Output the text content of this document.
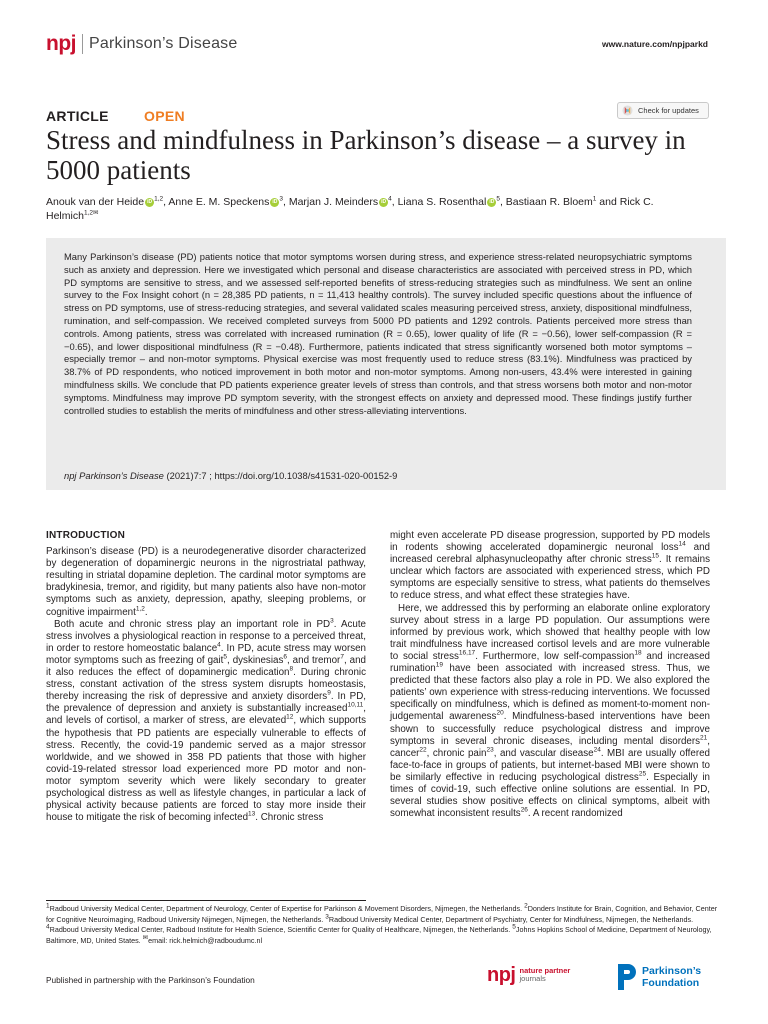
npj Parkinson’s Disease	www.nature.com/npjparkd
ARTICLE	OPEN	Check for updates
Stress and mindfulness in Parkinson’s disease – a survey in 5000 patients
Anouk van der Heide iD $^{1,2}$, Anne E. M. Speckens iD $^3$, Marjan J. Meinders iD $^4$, Liana S. Rosenthal iD $^5$, Bastiaan R. Bloem$^1$ and Rick C. Helmich$^{1,2✉}$

Many Parkinson’s disease (PD) patients notice that motor symptoms worsen during stress, and experience stress-related neuropsychiatric symptoms such as anxiety and depression. Here we investigated which personal and disease characteristics are associated with perceived stress in PD, which PD symptoms are sensitive to stress, and we assessed self-reported benefits of stress-reducing strategies such as mindfulness. We sent an online survey to the Fox Insight cohort (n = 28,385 PD patients, n = 11,413 healthy controls). The survey included specific questions about the influence of stress on PD symptoms, use of stress-reducing strategies, and several validated scales measuring perceived stress, anxiety, dispositional mindfulness, rumination, and self-compassion. We received completed surveys from 5000 PD patients and 1292 controls. Patients perceived more stress than controls. Among patients, stress was correlated with increased rumination (R = 0.65), lower quality of life (R = −0.56), lower self-compassion (R = −0.65), and lower dispositional mindfulness (R = −0.48). Furthermore, patients indicated that stress significantly worsened both motor symptoms – especially tremor – and non-motor symptoms. Physical exercise was most frequently used to reduce stress (83.1%). Mindfulness was practiced by 38.7% of PD respondents, who noticed improvement in both motor and non-motor symptoms. Among non-users, 43.4% were interested in gaining mindfulness skills. We conclude that PD patients experience greater levels of stress than controls, and that stress worsens both motor and non-motor symptoms. Mindfulness may improve PD symptom severity, with the strongest effects on anxiety and depressed mood. These findings justify further controlled studies to establish the merits of mindfulness and other stress-alleviating interventions.

npj Parkinson’s Disease (2021)7:7 ; https://doi.org/10.1038/s41531-020-00152-9
INTRODUCTION

Parkinson’s disease (PD) is a neurodegenerative disorder characterized by degeneration of dopaminergic neurons in the nigrostriatal pathway, resulting in striatal dopamine depletion. The cardinal motor symptoms are bradykinesia, tremor, and rigidity, but many patients also have non-motor symptoms such as anxiety, depression, apathy, sleeping problems, or cognitive impairment$^{1,2}$.

Both acute and chronic stress play an important role in $PD^3$. Acute stress involves a physiological reaction in response to a perceived threat, in order to restore homeostatic balance$^4$. In PD, acute stress may worsen motor symptoms such as freezing of gait$^5$, dyskinesias$^6$, and tremor$^7$, and it also reduces the effect of dopaminergic medication$^8$. During chronic stress, constant activation of the stress system disrupts homeostasis, thereby increasing the risk of depressive and anxiety disorders$^9$. In PD, the prevalence of depression and anxiety is substantially increased$^{10,11}$, and levels of cortisol, a marker of stress, are elevated$^{12}$, which supports the hypothesis that PD patients are especially vulnerable to effects of stress. Recently, the covid-19 pandemic served as a major stressor worldwide, and we showed in 358 PD patients that those with higher covid-19-related stressor load experienced more PD motor and non-motor symptom severity which were likely secondary to greater psychological distress as well as lifestyle changes, in particular a lack of physical activity because patients are forced to stay more inside their house to mitigate the risk of becoming infected$^{13}$. Chronic stress

might even accelerate PD disease progression, supported by PD models in rodents showing accelerated dopaminergic neuronal loss$^{14}$ and increased cerebral alphasynucleopathy after chronic stress$^{15}$. It remains unclear which factors are associated with experienced stress, which PD symptoms are especially sensitive to stress, what patients do themselves to reduce stress, and what effect these strategies have.

Here, we addressed this by performing an elaborate online exploratory survey about stress in a large PD population. Our assumptions were informed by previous work, which showed that healthy people with low trait mindfulness have increased cortisol levels and are more vulnerable to social stress$^{16,17}$. Furthermore, low self-compassion$^{18}$ and increased rumination$^{19}$ have been associated with increased stress. Thus, we predicted that these factors also play a role in PD. We also explored the patients’ own experience with stress-reducing interventions. We focussed specifically on mindfulness, which is defined as moment-to-moment non-judgemental awareness$^{20}$. Mindfulness-based interventions have been shown to successfully reduce psychological distress and improve symptoms in several chronic diseases, including mental disorders$^{21}$, cancer$^{22}$, chronic pain$^{23}$, and vascular disease$^{24}$. MBI are usually offered face-to-face in groups of patients, but internet-based MBI were shown to be similarly effective in reducing psychological distress$^{25}$. Especially in times of covid-19, such effective online solutions are essential. In PD, several studies show positive effects on clinical symptoms, albeit with somewhat inconsistent results$^{26}$. A recent randomized

$^1$Radboud University Medical Center, Department of Neurology, Center of Expertise for Parkinson & Movement Disorders, Nijmegen, the Netherlands. $^2$Donders Institute for Brain, Cognition, and Behavior, Center for Cognitive Neuroimaging, Radboud University Nijmegen, Nijmegen, the Netherlands. $^3$Radboud University Medical Center, Department of Psychiatry, Center for Mindfulness, Nijmegen, the Netherlands. $^4$Radboud University Medical Center, Radboud Institute for Health Science, Scientific Center for Quality of Healthcare, Nijmegen, the Netherlands. $^5$Johns Hopkins School of Medicine, Department of Neurology, Baltimore, MD, United States. ✉email: rick.helmich@radboudumc.nl

Published in partnership with the Parkinson’s Foundation	npj nature partner
journals
Parkinson’s
Foundation
